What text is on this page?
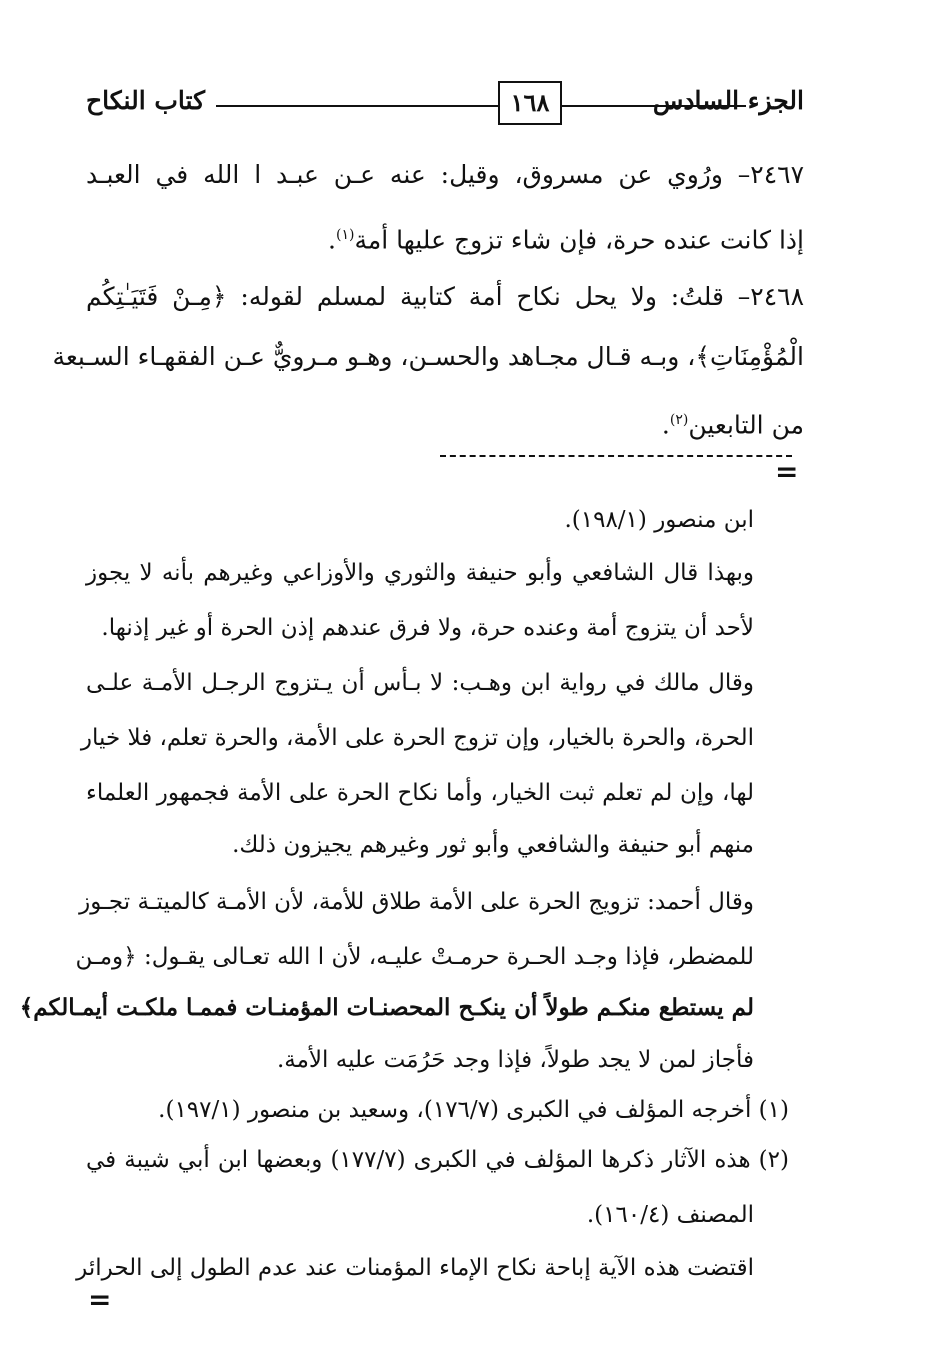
كتاب النكاح	١٦٨	الجزء السادس
٢٤٦٧– ورُوي عن مسروق، وقيل: عنه عـن عبـد ا الله في العبـد
إذا كانت عنده حرة، فإن شاء تزوج عليها أمة$^{(١)}$.
٢٤٦٨– قلتُ: ولا يحل نكاح أمة كتابية لمسلم لقوله: ﴿مِـنْ فَتَيَـٰتِكُم
الْمُؤْمِنَاتِ﴾، وبـه قـال مجـاهد والحسـن، وهـو مـرويٌّ عـن الفقهـاء السـبعة
من التابعين$^{(٢)}$.
=
ابن منصور (١٩٨/١).
وبهذا قال الشافعي وأبو حنيفة والثوري والأوزاعي وغيرهم بأنه لا يجوز
لأحد أن يتزوج أمة وعنده حرة، ولا فرق عندهم إذن الحرة أو غير إذنها.
وقال مالك في رواية ابن وهـب: لا بـأس أن يـتزوج الرجـل الأمـة علـى
الحرة، والحرة بالخيار، وإن تزوج الحرة على الأمة، والحرة تعلم، فلا خيار
لها، وإن لم تعلم ثبت الخيار، وأما نكاح الحرة على الأمة فجمهور العلماء
منهم أبو حنيفة والشافعي وأبو ثور وغيرهم يجيزون ذلك.
وقال أحمد: تزويج الحرة على الأمة طلاق للأمة، لأن الأمـة كالميتـة تجـوز
للمضطر، فإذا وجـد الحـرة حرمـتْ عليـه، لأن ا الله تعـالى يقـول: ﴿ومـن
لم يستطع منكـم طولاً أن ينكـح المحصنـات المؤمنـات فممـا ملكـت أيمـالكم﴾
فأجاز لمن لا يجد طولاً، فإذا وجد حَرُمَت عليه الأمة.
(١) أخرجه المؤلف في الكبرى (١٧٦/٧)، وسعيد بن منصور (١٩٧/١).
(٢) هذه الآثار ذكرها المؤلف في الكبرى (١٧٧/٧) وبعضها ابن أبي شيبة في
المصنف (١٦٠/٤).
اقتضت هذه الآية إباحة نكاح الإماء المؤمنات عند عدم الطول إلى الحرائر
=
